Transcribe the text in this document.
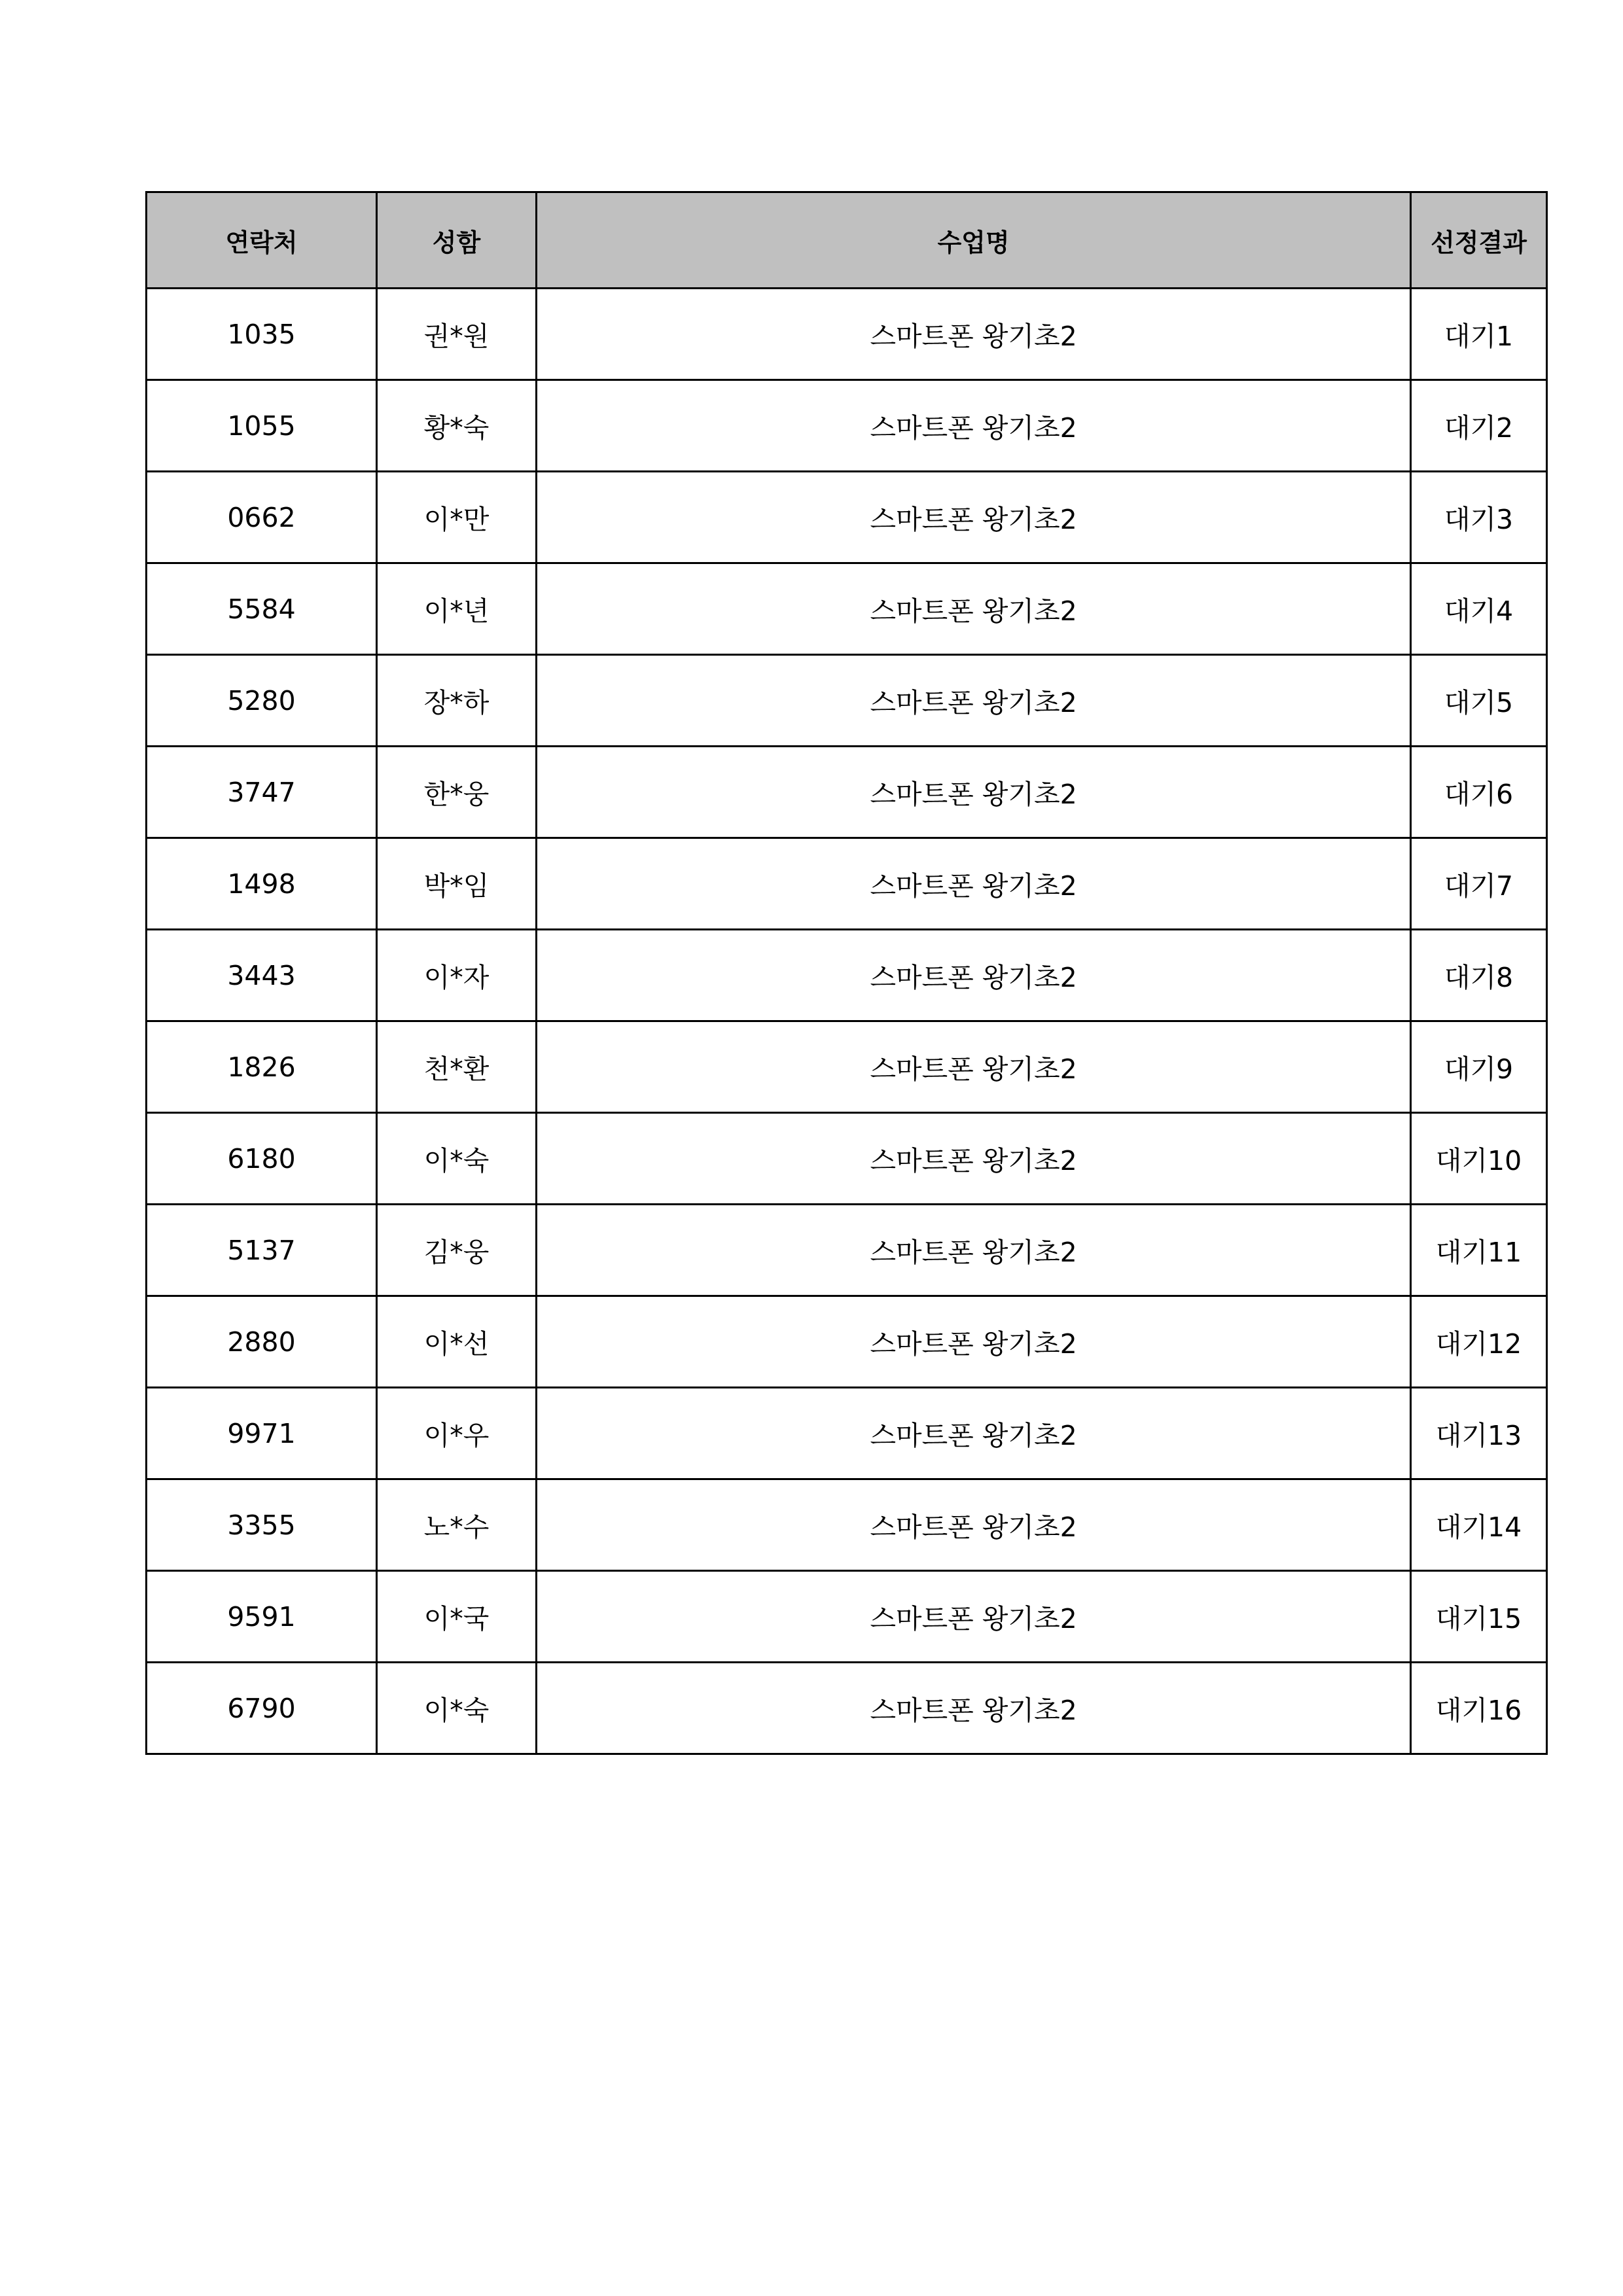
연락처	성함	수업명	선정결과
1035	권*원	스마트폰 왕기초2	대기1
1055	황*숙	스마트폰 왕기초2	대기2
0662	이*만	스마트폰 왕기초2	대기3
5584	이*년	스마트폰 왕기초2	대기4
5280	장*하	스마트폰 왕기초2	대기5
3747	한*웅	스마트폰 왕기초2	대기6
1498	박*임	스마트폰 왕기초2	대기7
3443	이*자	스마트폰 왕기초2	대기8
1826	천*환	스마트폰 왕기초2	대기9
6180	이*숙	스마트폰 왕기초2	대기10
5137	김*웅	스마트폰 왕기초2	대기11
2880	이*선	스마트폰 왕기초2	대기12
9971	이*우	스마트폰 왕기초2	대기13
3355	노*수	스마트폰 왕기초2	대기14
9591	이*국	스마트폰 왕기초2	대기15
6790	이*숙	스마트폰 왕기초2	대기16
